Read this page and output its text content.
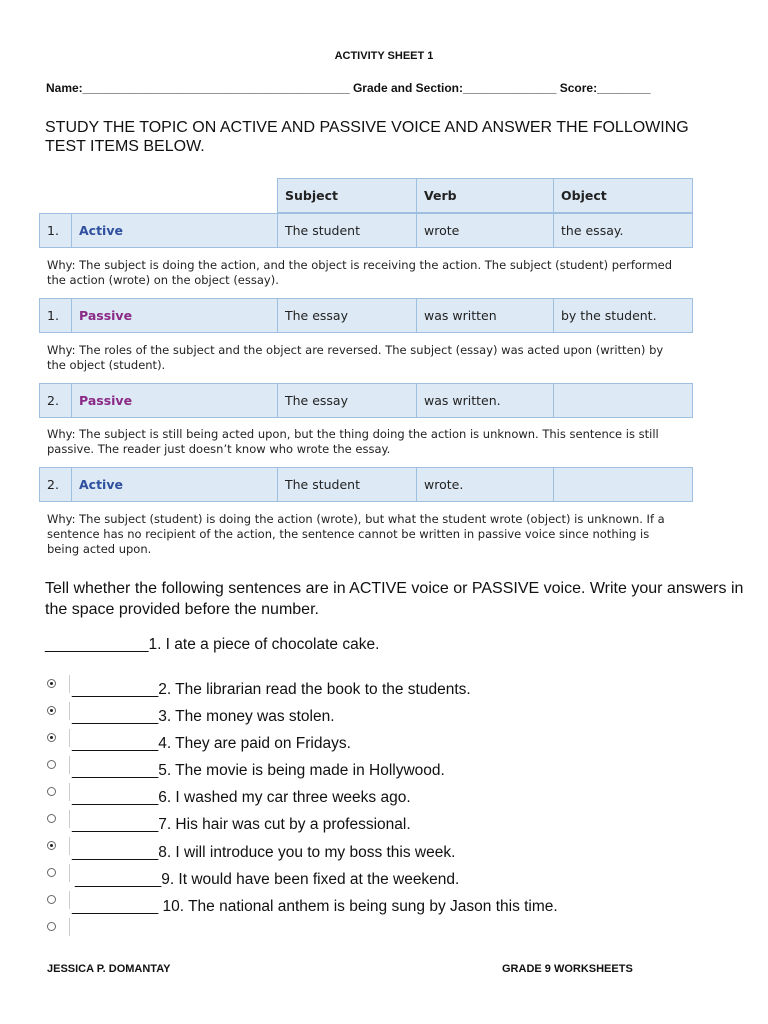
ACTIVITY SHEET 1
Name:________________________________________ Grade and Section:______________ Score:________
STUDY THE TOPIC ON ACTIVE AND PASSIVE VOICE AND ANSWER THE FOLLOWING TEST ITEMS BELOW.
Subject	Verb	Object
1.	Active	The student	wrote	the essay.
1.	Passive	The essay	was written	by the student.
2.	Passive	The essay	was written.
2.	Active	The student	wrote.
Why: The subject is doing the action, and the object is receiving the action. The subject (student) performed the action (wrote) on the object (essay).
Why: The roles of the subject and the object are reversed. The subject (essay) was acted upon (written) by the object (student).
Why: The subject is still being acted upon, but the thing doing the action is unknown. This sentence is still passive. The reader just doesn’t know who wrote the essay.
Why: The subject (student) is doing the action (wrote), but what the student wrote (object) is unknown. If a sentence has no recipient of the action, the sentence cannot be written in passive voice since nothing is being acted upon.
Tell whether the following sentences are in ACTIVE voice or PASSIVE voice. Write your answers in the space provided before the number.
____________1. I ate a piece of chocolate cake.
__________2. The librarian read the book to the students.
__________3. The money was stolen.
__________4. They are paid on Fridays.
__________5. The movie is being made in Hollywood.
__________6. I washed my car three weeks ago.
__________7. His hair was cut by a professional.
__________8. I will introduce you to my boss this week.
__________9. It would have been fixed at the weekend.
__________ 10. The national anthem is being sung by Jason this time.
JESSICA P. DOMANTAY	GRADE 9 WORKSHEETS
